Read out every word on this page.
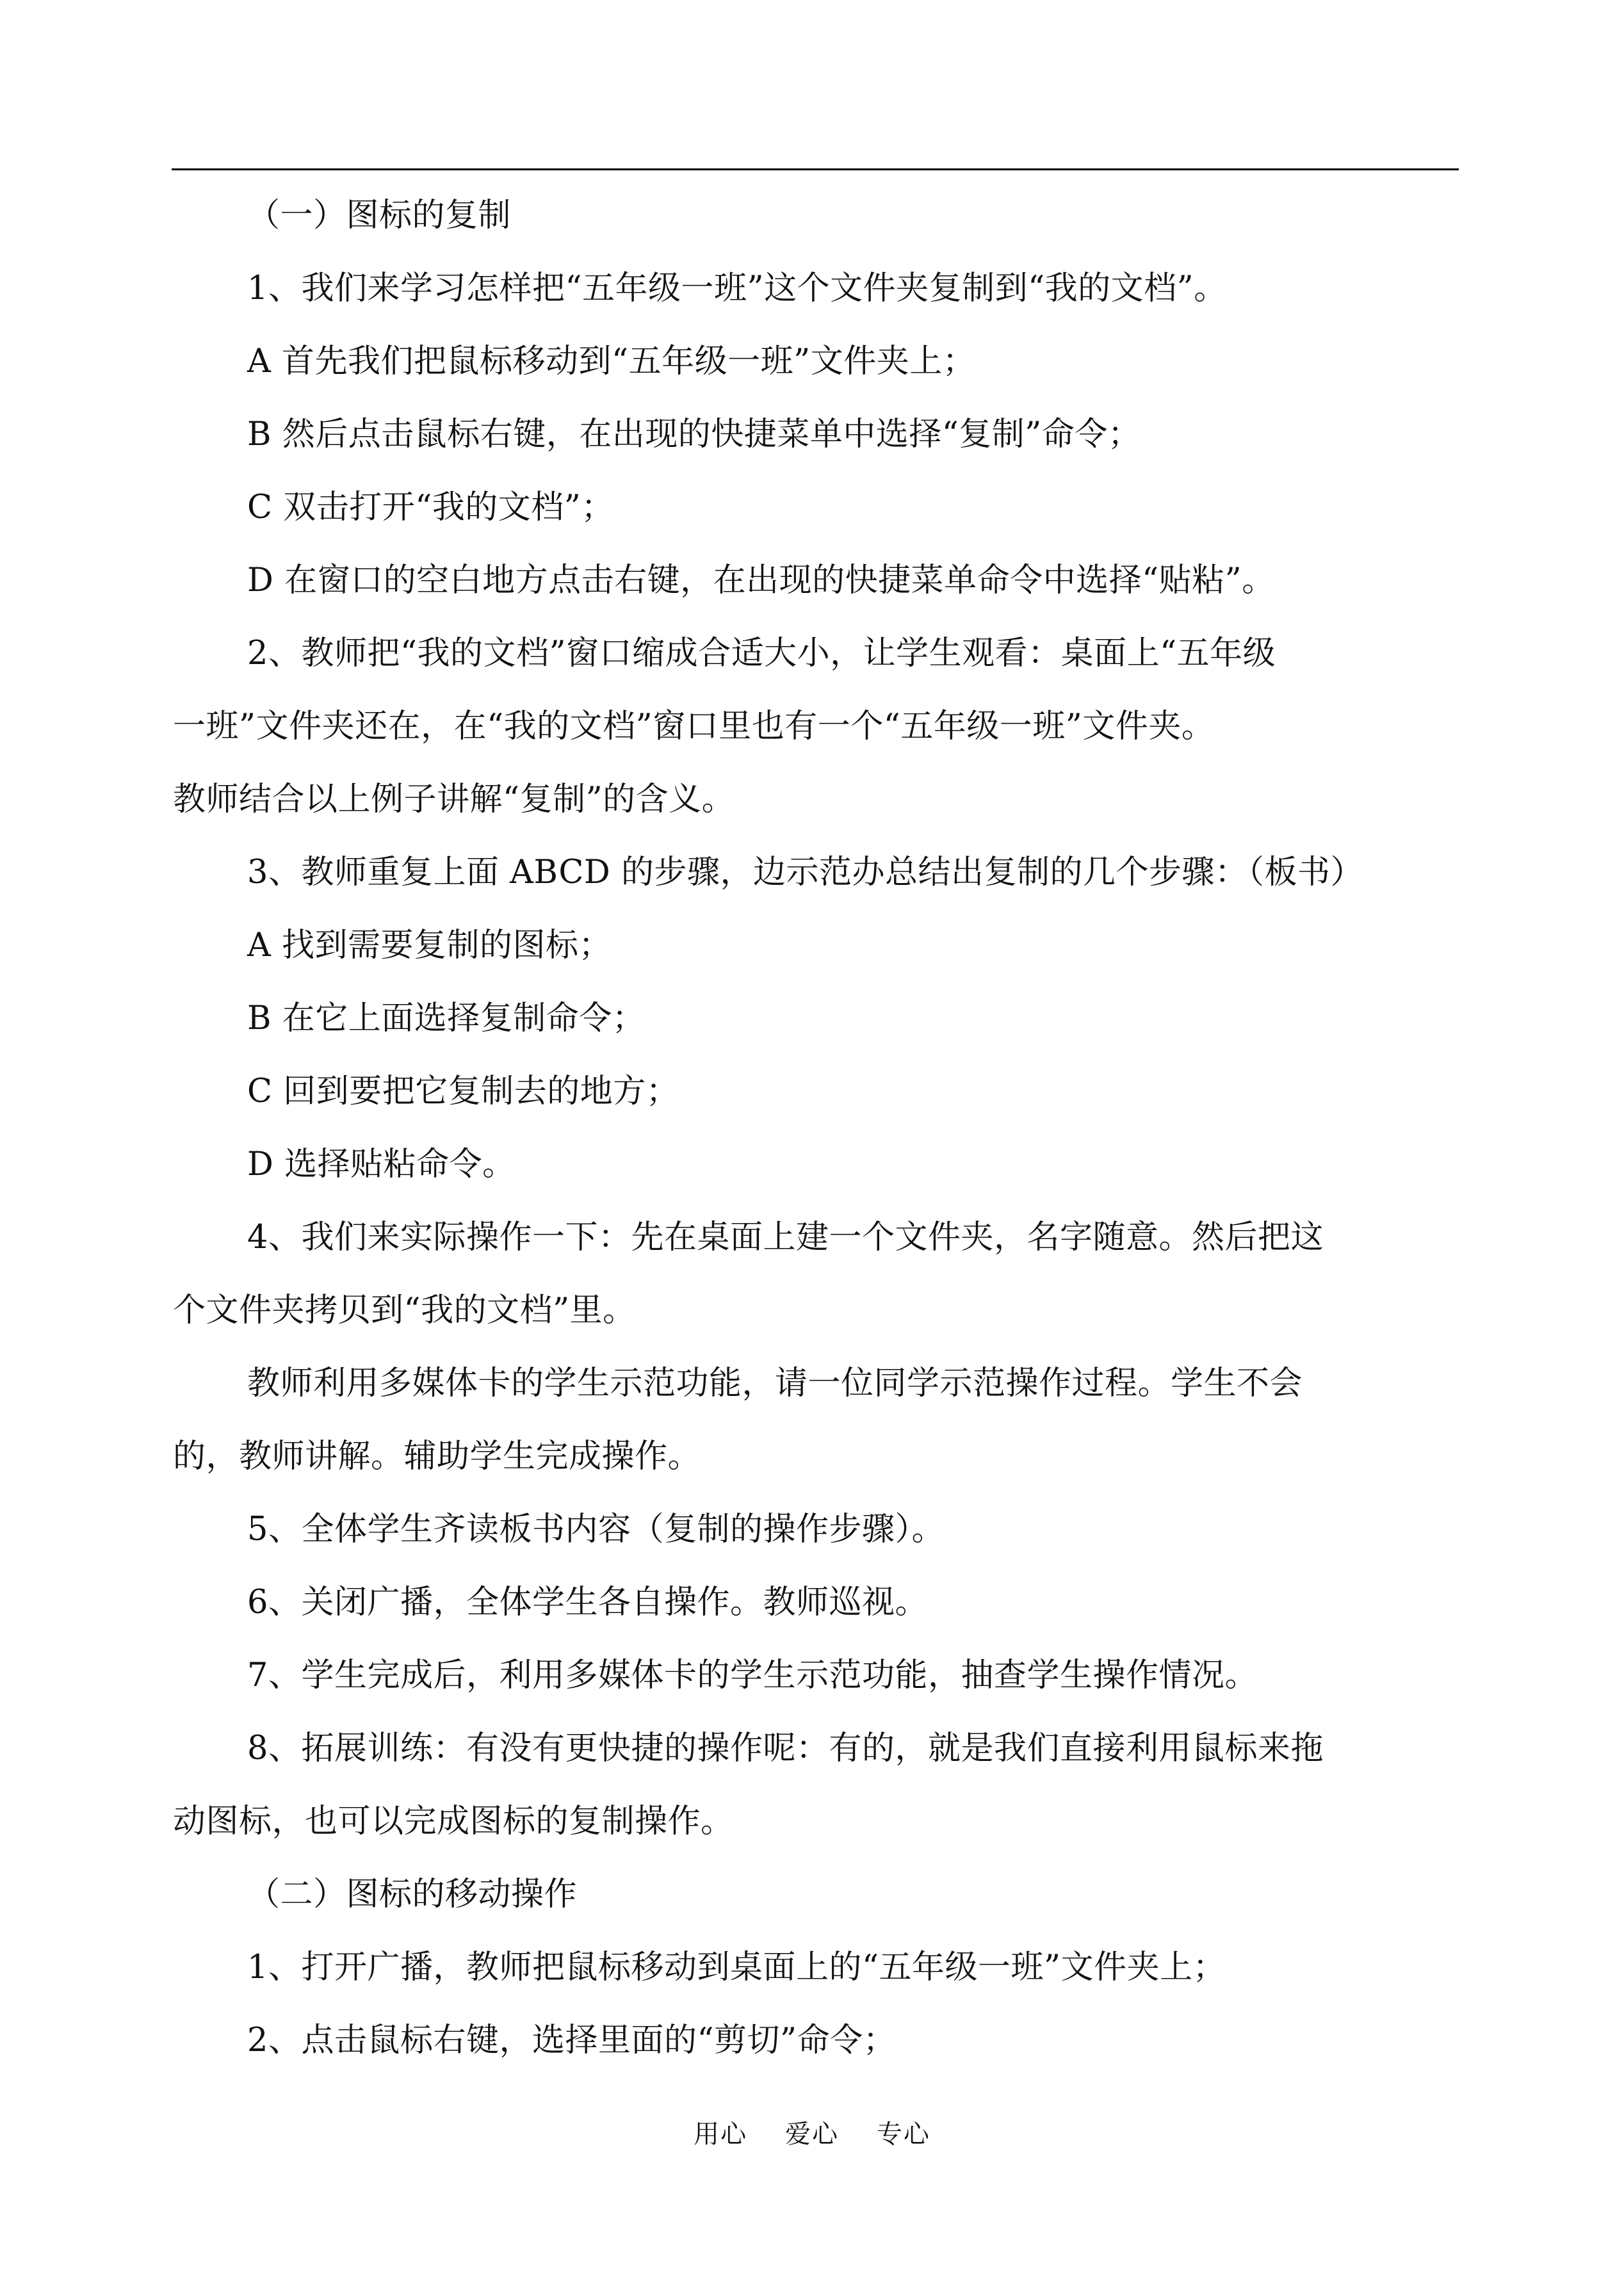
（一）图标的复制

1、我们来学习怎样把“五年级一班”这个文件夹复制到“我的文档”。

A 首先我们把鼠标移动到“五年级一班”文件夹上；

B 然后点击鼠标右键，在出现的快捷菜单中选择“复制”命令；

C 双击打开“我的文档”；

D 在窗口的空白地方点击右键，在出现的快捷菜单命令中选择“贴粘”。

2、教师把“我的文档”窗口缩成合适大小，让学生观看：桌面上“五年级

一班”文件夹还在，在“我的文档”窗口里也有一个“五年级一班”文件夹。

教师结合以上例子讲解“复制”的含义。

3、教师重复上面 ABCD 的步骤，边示范办总结出复制的几个步骤：（板书）

A 找到需要复制的图标；

B 在它上面选择复制命令；

C 回到要把它复制去的地方；

D 选择贴粘命令。

4、我们来实际操作一下：先在桌面上建一个文件夹，名字随意。然后把这

个文件夹拷贝到“我的文档”里。

教师利用多媒体卡的学生示范功能，请一位同学示范操作过程。学生不会

的，教师讲解。辅助学生完成操作。

5、全体学生齐读板书内容（复制的操作步骤）。

6、关闭广播，全体学生各自操作。教师巡视。

7、学生完成后，利用多媒体卡的学生示范功能，抽查学生操作情况。

8、拓展训练：有没有更快捷的操作呢：有的，就是我们直接利用鼠标来拖

动图标，也可以完成图标的复制操作。

（二）图标的移动操作

1、打开广播，教师把鼠标移动到桌面上的“五年级一班”文件夹上；

2、点击鼠标右键，选择里面的“剪切”命令；

用心    爱心    专心
